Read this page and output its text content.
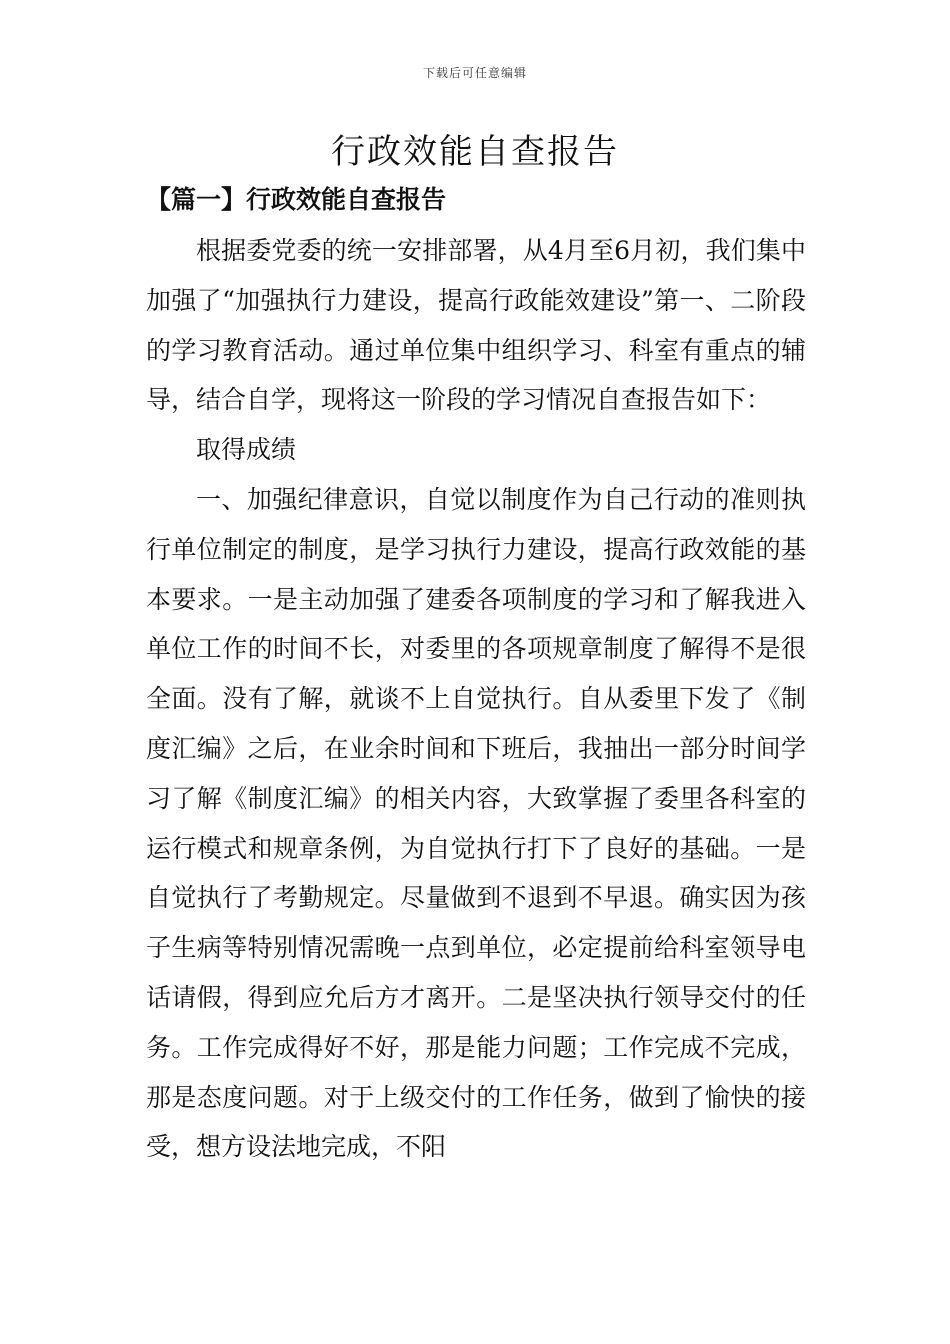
下载后可任意编辑
行政效能自查报告
【篇一】行政效能自查报告

根据委党委的统一安排部署，从4月至6月初，我们集中加强了“加强执行力建设，提高行政能效建设”第一、二阶段的学习教育活动。通过单位集中组织学习、科室有重点的辅导，结合自学，现将这一阶段的学习情况自查报告如下：

取得成绩

一、加强纪律意识，自觉以制度作为自己行动的准则执行单位制定的制度，是学习执行力建设，提高行政效能的基本要求。一是主动加强了建委各项制度的学习和了解我进入单位工作的时间不长，对委里的各项规章制度了解得不是很全面。没有了解，就谈不上自觉执行。自从委里下发了《制度汇编》之后，在业余时间和下班后，我抽出一部分时间学习了解《制度汇编》的相关内容，大致掌握了委里各科室的运行模式和规章条例，为自觉执行打下了良好的基础。一是自觉执行了考勤规定。尽量做到不退到不早退。确实因为孩子生病等特别情况需晚一点到单位，必定提前给科室领导电话请假，得到应允后方才离开。二是坚决执行领导交付的任务。工作完成得好不好，那是能力问题；工作完成不完成，那是态度问题。对于上级交付的工作任务，做到了愉快的接受，想方设法地完成，不阳
